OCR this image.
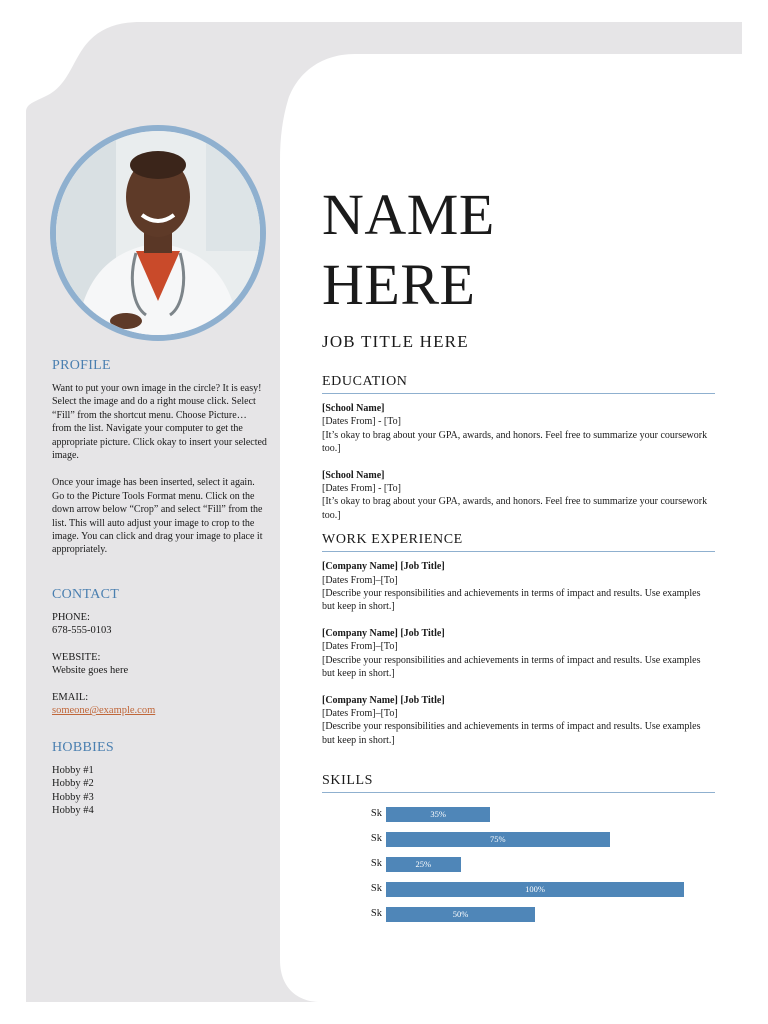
PROFILE

Want to put your own image in the circle? It is easy! Select the image and do a right mouse click. Select “Fill” from the shortcut menu. Choose Picture… from the list. Navigate your computer to get the appropriate picture. Click okay to insert your selected image.

Once your image has been inserted, select it again. Go to the Picture Tools Format menu. Click on the down arrow below “Crop” and select “Fill” from the list. This will auto adjust your image to crop to the image. You can click and drag your image to place it appropriately.

CONTACT
PHONE:
678-555-0103
WEBSITE:
Website goes here
EMAIL:
someone@example.com
HOBBIES
Hobby #1
Hobby #2
Hobby #3
Hobby #4
NAME
HERE
JOB TITLE HERE
EDUCATION
[School Name]
[Dates From] - [To]
[It’s okay to brag about your GPA, awards, and honors. Feel free to summarize your coursework too.]
[School Name]
[Dates From] - [To]
[It’s okay to brag about your GPA, awards, and honors. Feel free to summarize your coursework too.]
WORK EXPERIENCE
[Company Name] [Job Title]
[Dates From]–[To]
[Describe your responsibilities and achievements in terms of impact and results. Use examples but keep in short.]
[Company Name] [Job Title]
[Dates From]–[To]
[Describe your responsibilities and achievements in terms of impact and results. Use examples but keep in short.]
[Company Name] [Job Title]
[Dates From]–[To]
[Describe your responsibilities and achievements in terms of impact and results. Use examples but keep in short.]
SKILLS
Sk	35%
Sk	75%
Sk	25%
Sk	100%
Sk	50%
